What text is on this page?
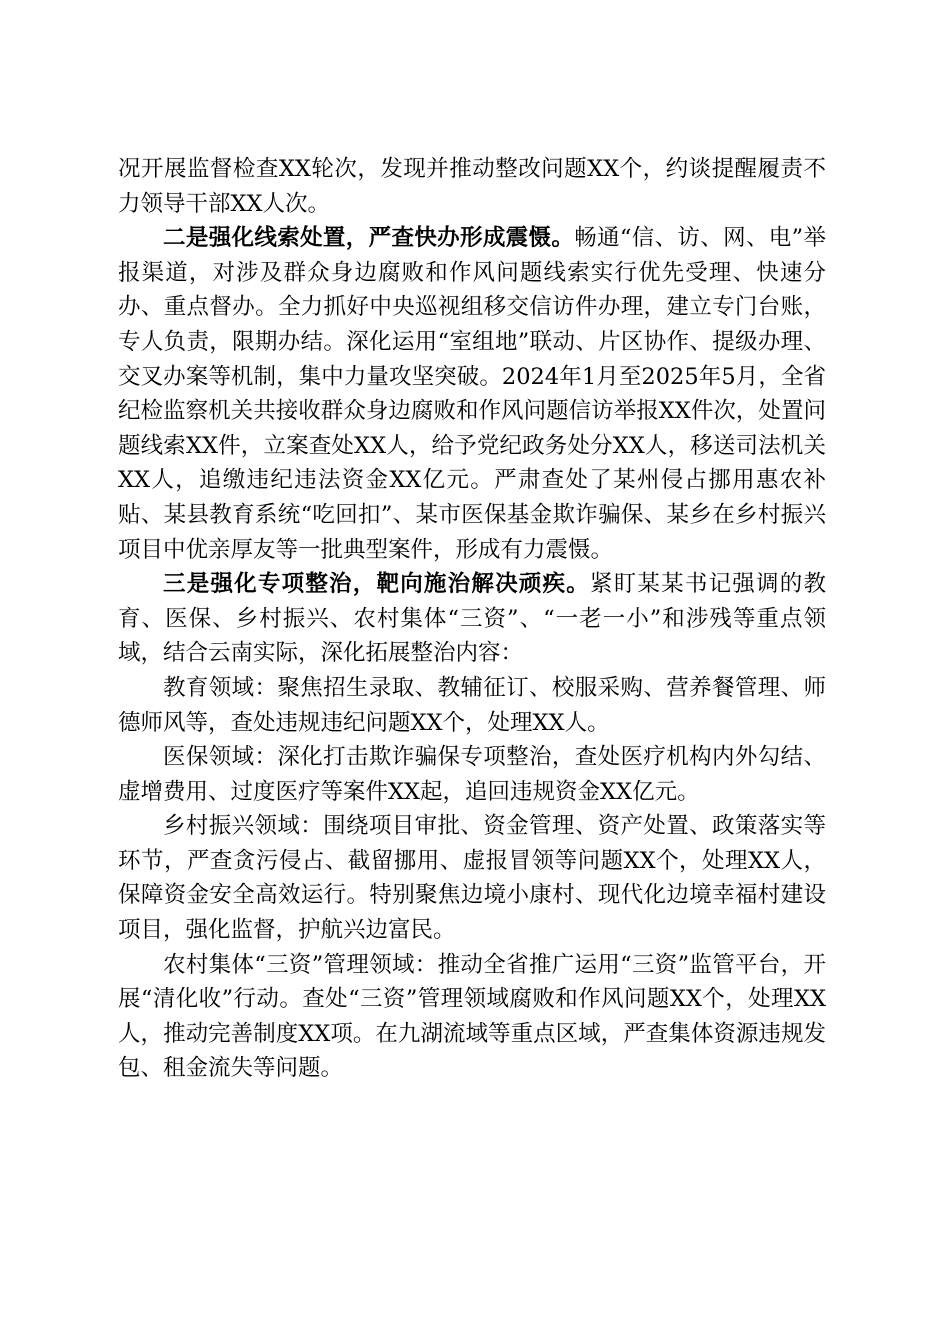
况开展监督检查XX轮次，发现并推动整改问题XX个，约谈提醒履责不力领导干部XX人次。

二是强化线索处置，严查快办形成震慑。畅通“信、访、网、电”举报渠道，对涉及群众身边腐败和作风问题线索实行优先受理、快速分办、重点督办。全力抓好中央巡视组移交信访件办理，建立专门台账，专人负责，限期办结。深化运用“室组地”联动、片区协作、提级办理、交叉办案等机制，集中力量攻坚突破。2024年1月至2025年5月，全省纪检监察机关共接收群众身边腐败和作风问题信访举报XX件次，处置问题线索XX件，立案查处XX人，给予党纪政务处分XX人，移送司法机关XX人，追缴违纪违法资金XX亿元。严肃查处了某州侵占挪用惠农补贴、某县教育系统“吃回扣”、某市医保基金欺诈骗保、某乡在乡村振兴项目中优亲厚友等一批典型案件，形成有力震慑。

三是强化专项整治，靶向施治解决顽疾。紧盯某某书记强调的教育、医保、乡村振兴、农村集体“三资”、“一老一小”和涉残等重点领域，结合云南实际，深化拓展整治内容：

教育领域：聚焦招生录取、教辅征订、校服采购、营养餐管理、师德师风等，查处违规违纪问题XX个，处理XX人。

医保领域：深化打击欺诈骗保专项整治，查处医疗机构内外勾结、虚增费用、过度医疗等案件XX起，追回违规资金XX亿元。

乡村振兴领域：围绕项目审批、资金管理、资产处置、政策落实等环节，严查贪污侵占、截留挪用、虚报冒领等问题XX个，处理XX人，保障资金安全高效运行。特别聚焦边境小康村、现代化边境幸福村建设项目，强化监督，护航兴边富民。

农村集体“三资”管理领域：推动全省推广运用“三资”监管平台，开展“清化收”行动。查处“三资”管理领域腐败和作风问题XX个，处理XX人，推动完善制度XX项。在九湖流域等重点区域，严查集体资源违规发包、租金流失等问题。
